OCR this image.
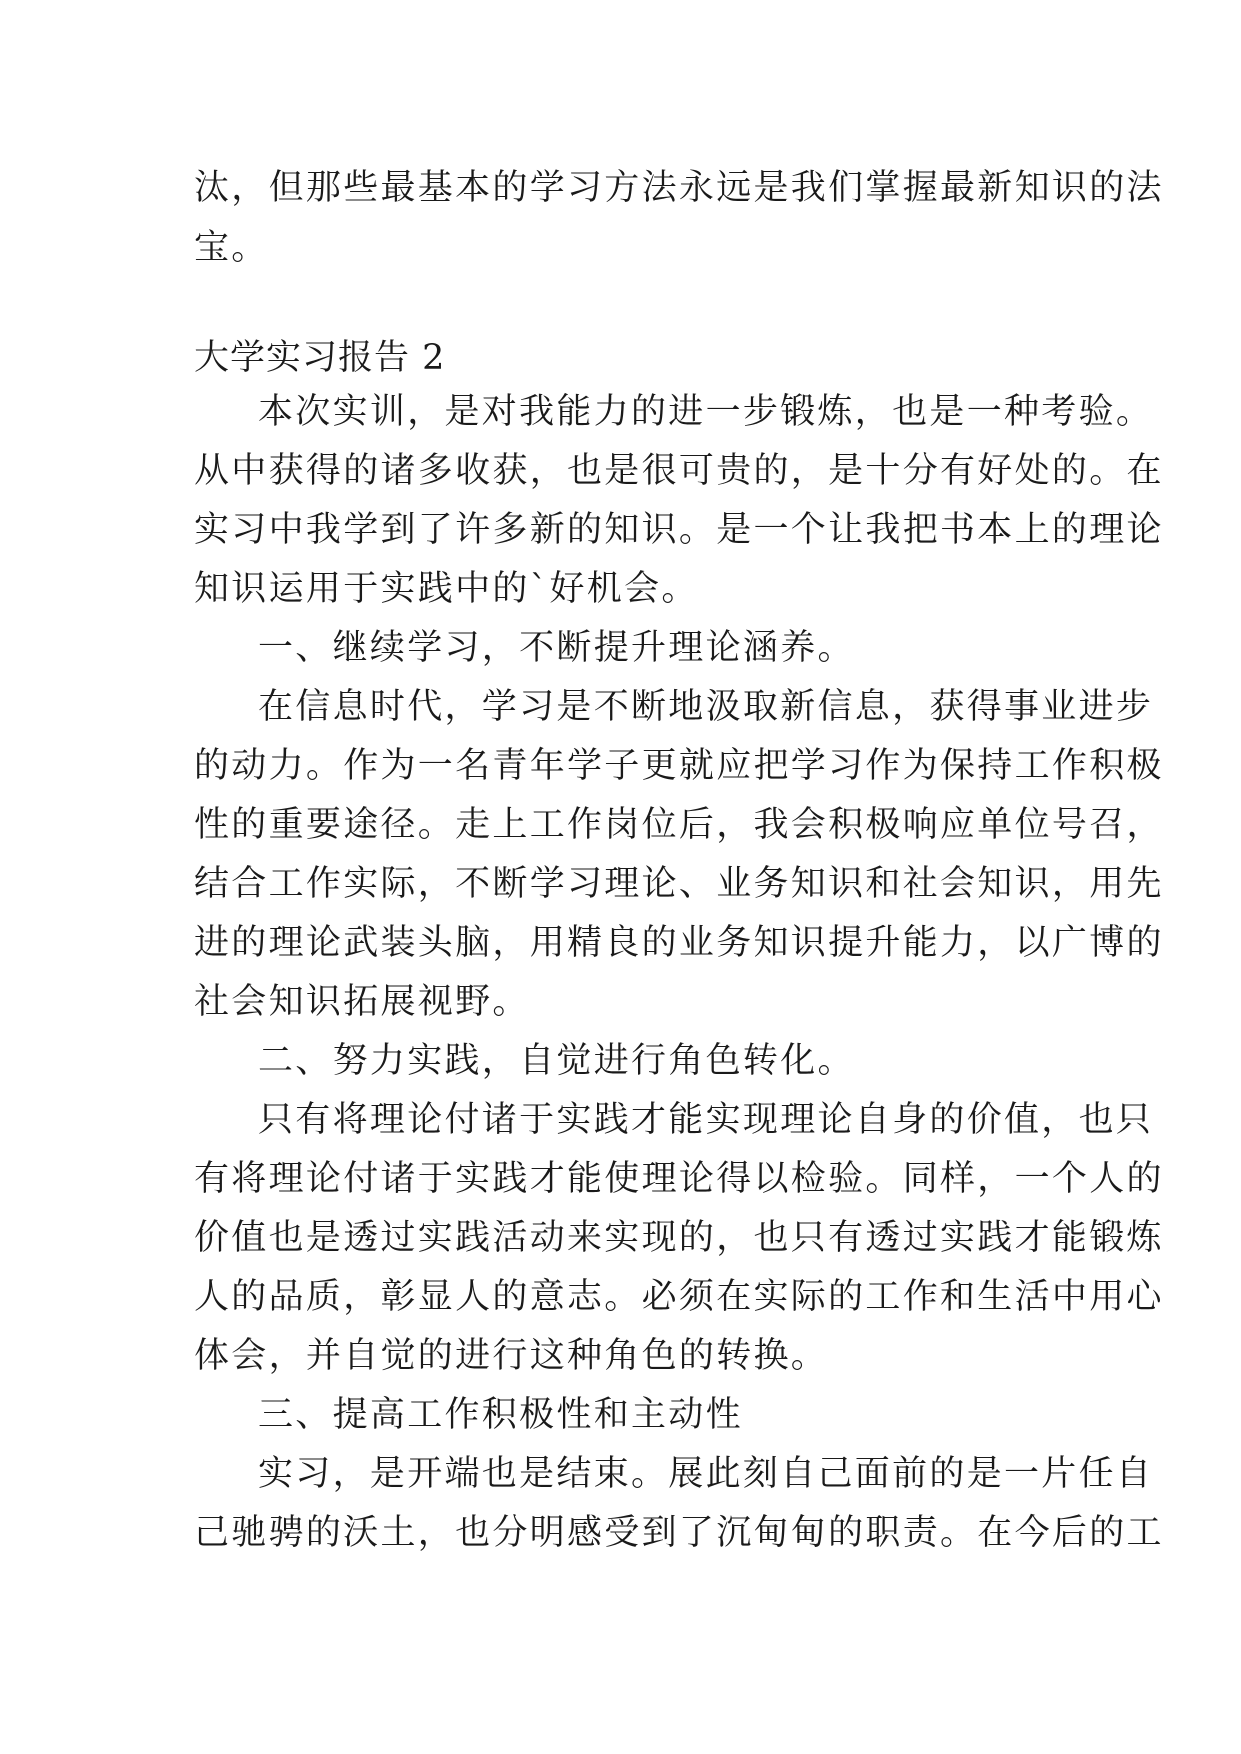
汰，但那些最基本的学习方法永远是我们掌握最新知识的法

宝。

大学实习报告 2

本次实训，是对我能力的进一步锻炼，也是一种考验。

从中获得的诸多收获，也是很可贵的，是十分有好处的。在

实习中我学到了许多新的知识。是一个让我把书本上的理论

知识运用于实践中的`好机会。

一、继续学习，不断提升理论涵养。

在信息时代，学习是不断地汲取新信息，获得事业进步

的动力。作为一名青年学子更就应把学习作为保持工作积极

性的重要途径。走上工作岗位后，我会积极响应单位号召，

结合工作实际，不断学习理论、业务知识和社会知识，用先

进的理论武装头脑，用精良的业务知识提升能力，以广博的

社会知识拓展视野。

二、努力实践，自觉进行角色转化。

只有将理论付诸于实践才能实现理论自身的价值，也只

有将理论付诸于实践才能使理论得以检验。同样，一个人的

价值也是透过实践活动来实现的，也只有透过实践才能锻炼

人的品质，彰显人的意志。必须在实际的工作和生活中用心

体会，并自觉的进行这种角色的转换。

三、提高工作积极性和主动性

实习，是开端也是结束。展此刻自己面前的是一片任自

己驰骋的沃土，也分明感受到了沉甸甸的职责。在今后的工
